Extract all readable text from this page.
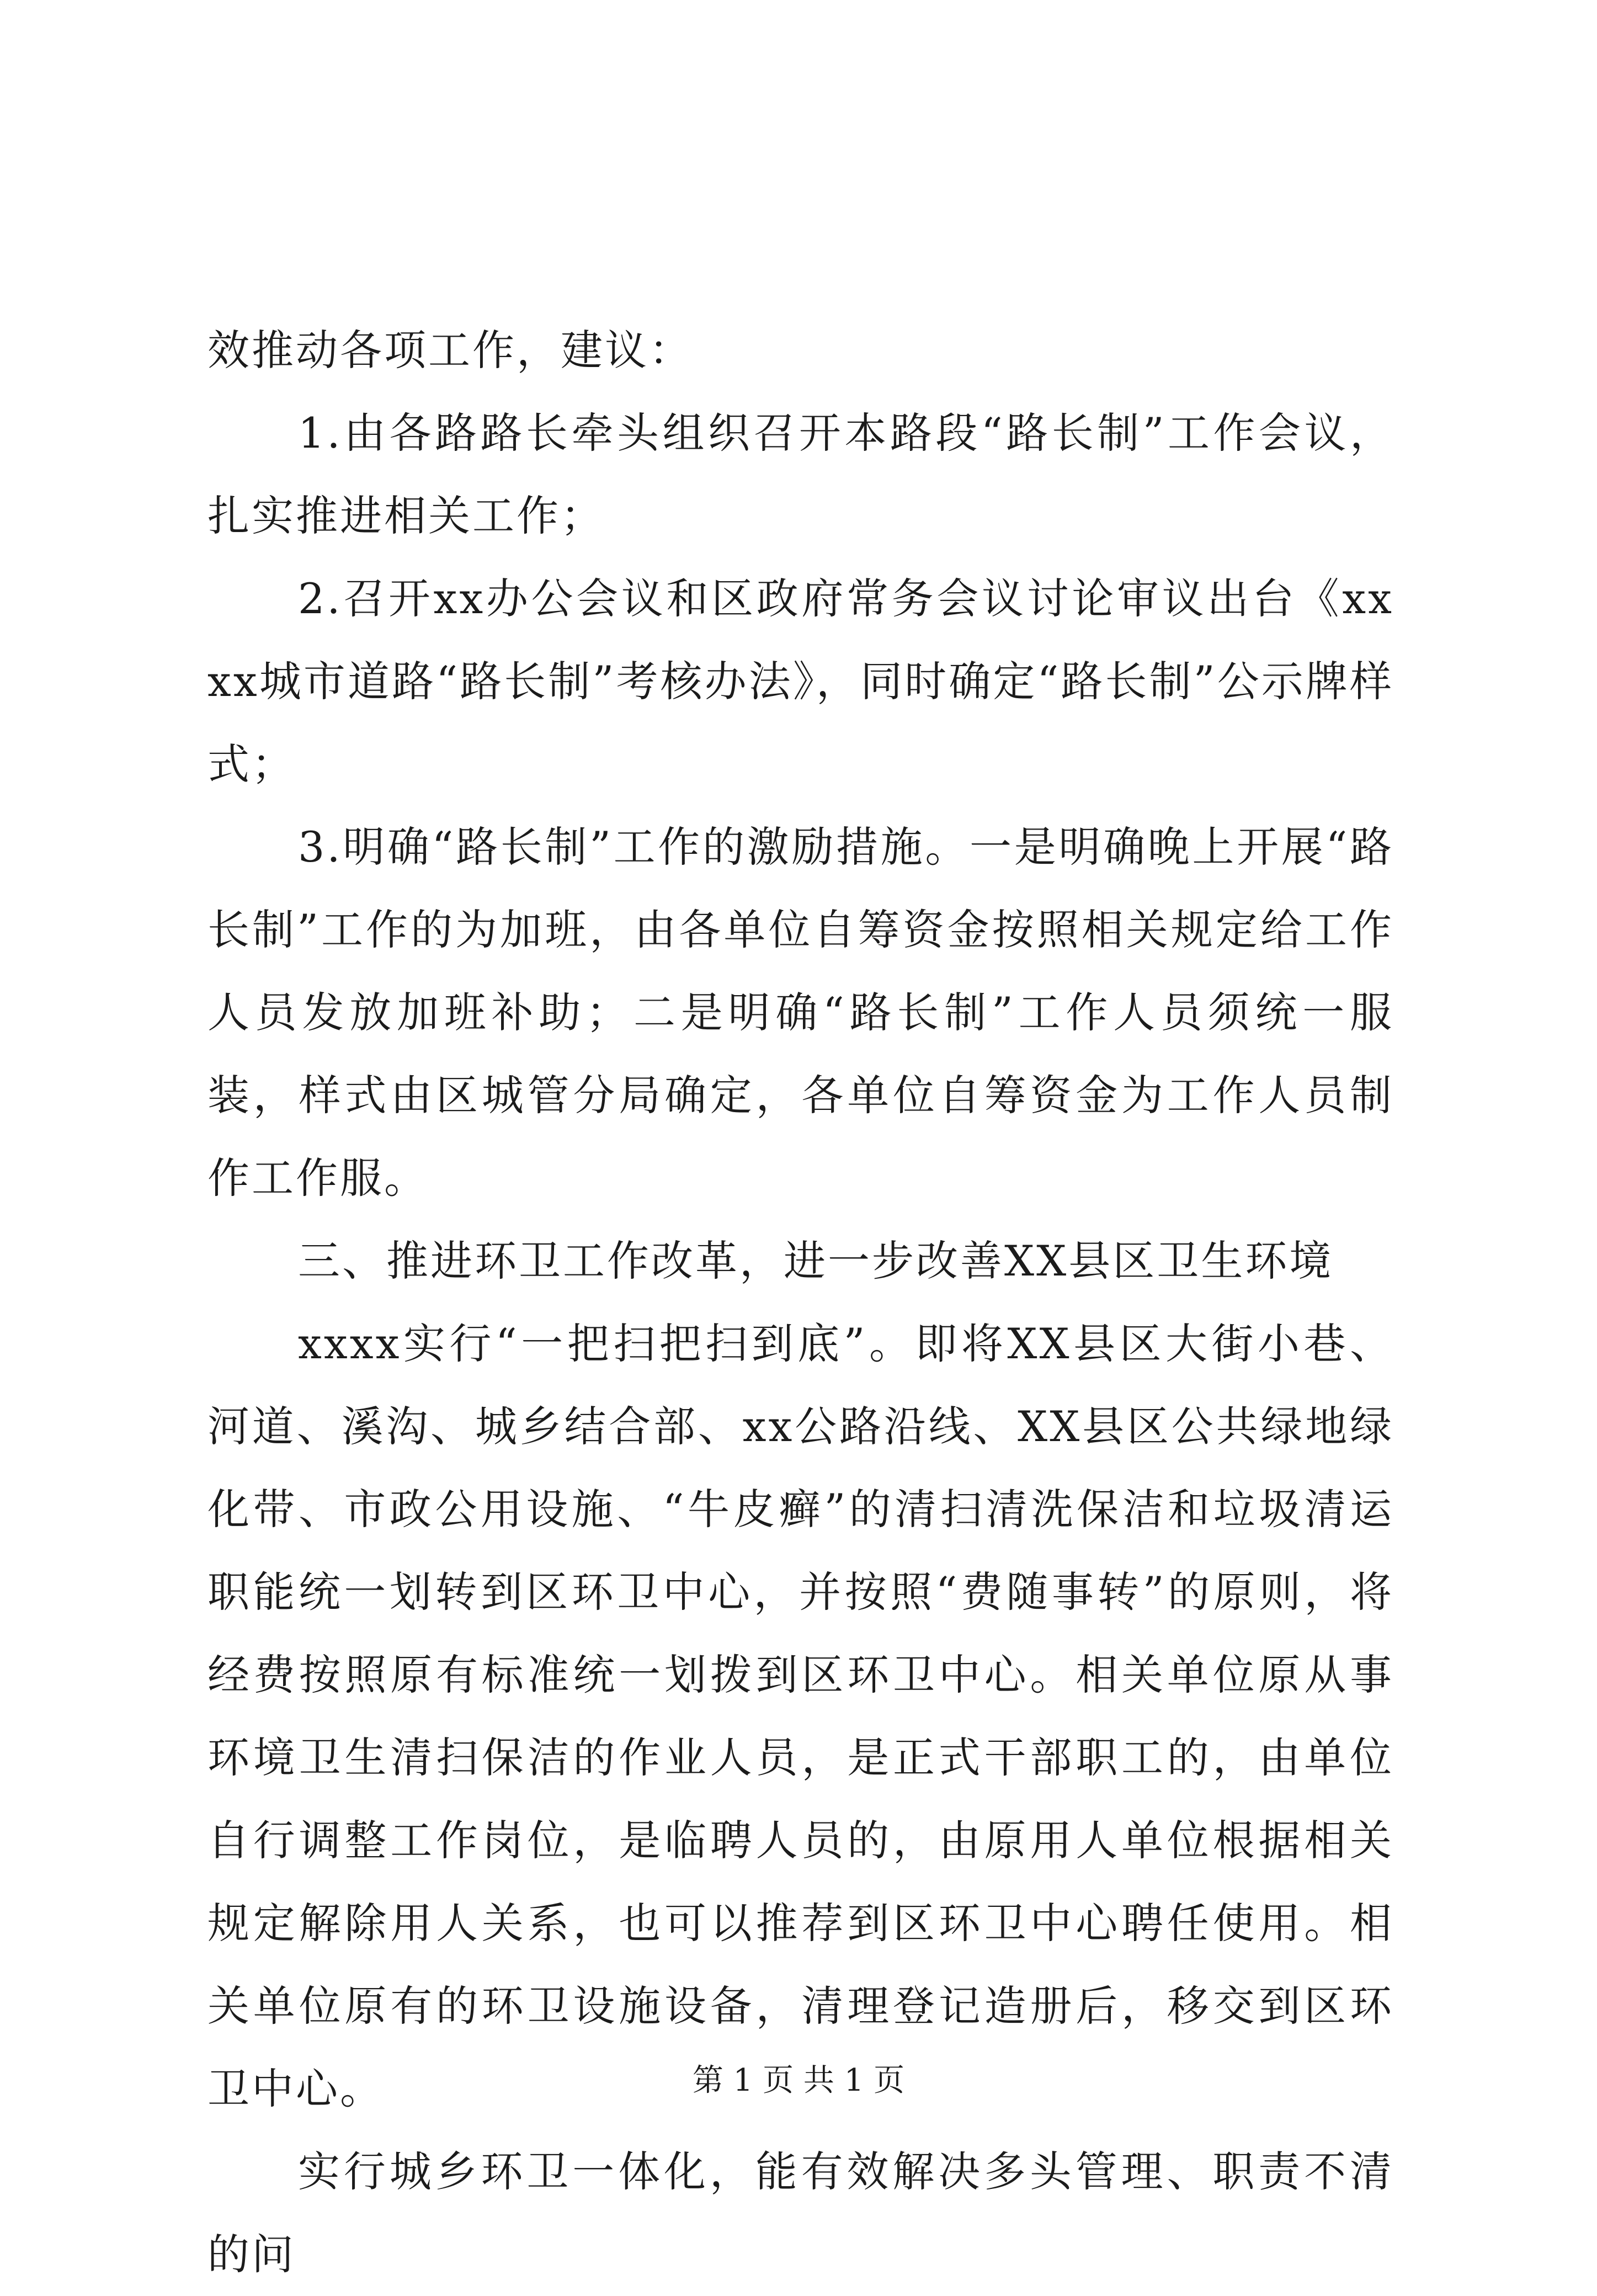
效推动各项工作，建议：

1.由各路路长牵头组织召开本路段“路长制”工作会议，扎实推进相关工作；

2.召开xx办公会议和区政府常务会议讨论审议出台《xxxx城市道路“路长制”考核办法》，同时确定“路长制”公示牌样式；

3.明确“路长制”工作的激励措施。一是明确晚上开展“路长制”工作的为加班，由各单位自筹资金按照相关规定给工作人员发放加班补助；二是明确“路长制”工作人员须统一服装，样式由区城管分局确定，各单位自筹资金为工作人员制作工作服。

三、推进环卫工作改革，进一步改善XX县区卫生环境

xxxx实行“一把扫把扫到底”。即将XX县区大街小巷、河道、溪沟、城乡结合部、xx公路沿线、XX县区公共绿地绿化带、市政公用设施、“牛皮癣”的清扫清洗保洁和垃圾清运职能统一划转到区环卫中心，并按照“费随事转”的原则，将经费按照原有标准统一划拨到区环卫中心。相关单位原从事环境卫生清扫保洁的作业人员，是正式干部职工的，由单位自行调整工作岗位，是临聘人员的，由原用人单位根据相关规定解除用人关系，也可以推荐到区环卫中心聘任使用。相关单位原有的环卫设施设备，清理登记造册后，移交到区环卫中心。

实行城乡环卫一体化，能有效解决多头管理、职责不清的问

第 1 页 共 1 页
